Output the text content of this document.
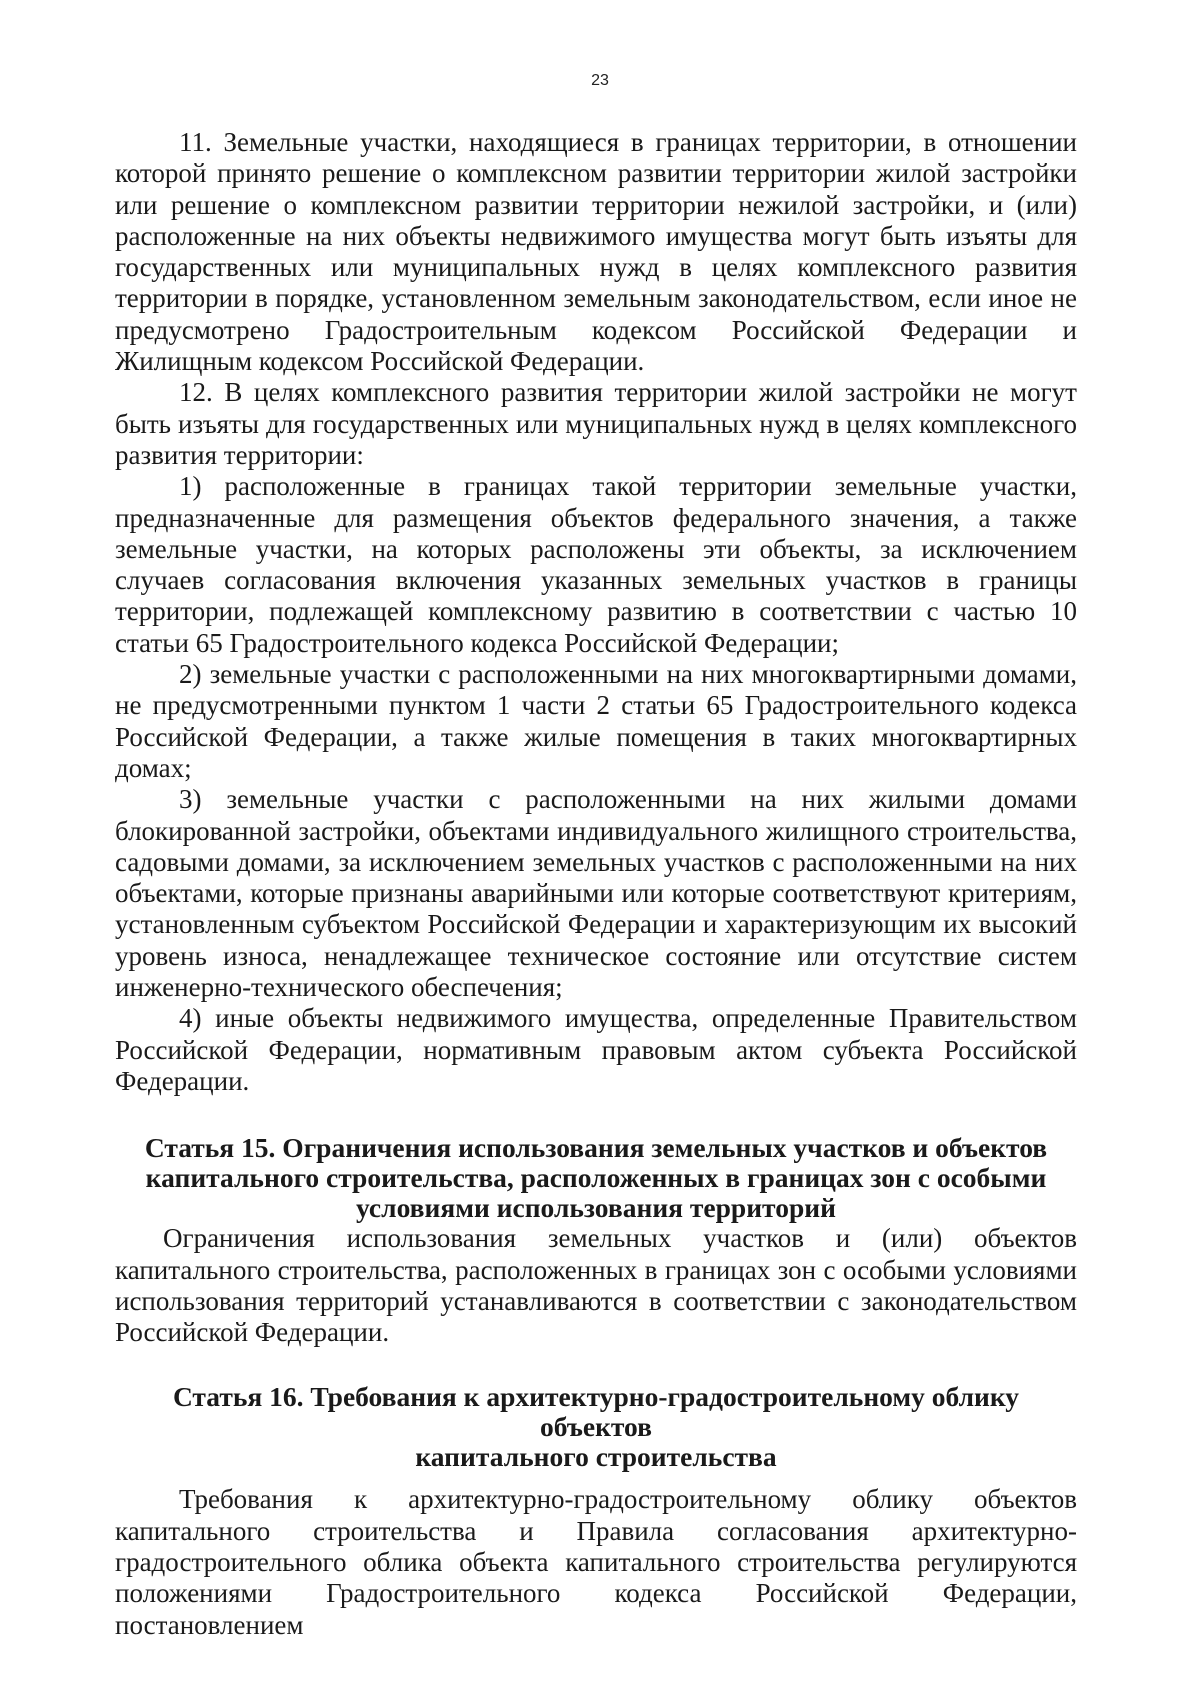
23

11. Земельные участки, находящиеся в границах территории, в отношении которой принято решение о комплексном развитии территории жилой застройки или решение о комплексном развитии территории нежилой застройки, и (или) расположенные на них объекты недвижимого имущества могут быть изъяты для государственных или муниципальных нужд в целях комплексного развития территории в порядке, установленном земельным законодательством, если иное не предусмотрено Градостроительным кодексом Российской Федерации и Жилищным кодексом Российской Федерации.

12. В целях комплексного развития территории жилой застройки не могут быть изъяты для государственных или муниципальных нужд в целях комплексного развития территории:

1) расположенные в границах такой территории земельные участки, предназначенные для размещения объектов федерального значения, а также земельные участки, на которых расположены эти объекты, за исключением случаев согласования включения указанных земельных участков в границы территории, подлежащей комплексному развитию в соответствии с частью 10 статьи 65 Градостроительного кодекса Российской Федерации;

2) земельные участки с расположенными на них многоквартирными домами, не предусмотренными пунктом 1 части 2 статьи 65 Градостроительного кодекса Российской Федерации, а также жилые помещения в таких многоквартирных домах;

3) земельные участки с расположенными на них жилыми домами блокированной застройки, объектами индивидуального жилищного строительства, садовыми домами, за исключением земельных участков с расположенными на них объектами, которые признаны аварийными или которые соответствуют критериям, установленным субъектом Российской Федерации и характеризующим их высокий уровень износа, ненадлежащее техническое состояние или отсутствие систем инженерно-технического обеспечения;

4) иные объекты недвижимого имущества, определенные Правительством Российской Федерации, нормативным правовым актом субъекта Российской Федерации.

Статья 15. Ограничения использования земельных участков и объектов
капитального строительства, расположенных в границах зон с особыми
условиями использования территорий

Ограничения использования земельных участков и (или) объектов капитального строительства, расположенных в границах зон с особыми условиями использования территорий устанавливаются в соответствии с законодательством Российской Федерации.

Статья 16. Требования к архитектурно-градостроительному облику объектов
капитального строительства

Требования к архитектурно-градостроительному облику объектов капитального строительства и Правила согласования архитектурно-градостроительного облика объекта капитального строительства регулируются положениями Градостроительного кодекса Российской Федерации, постановлением
